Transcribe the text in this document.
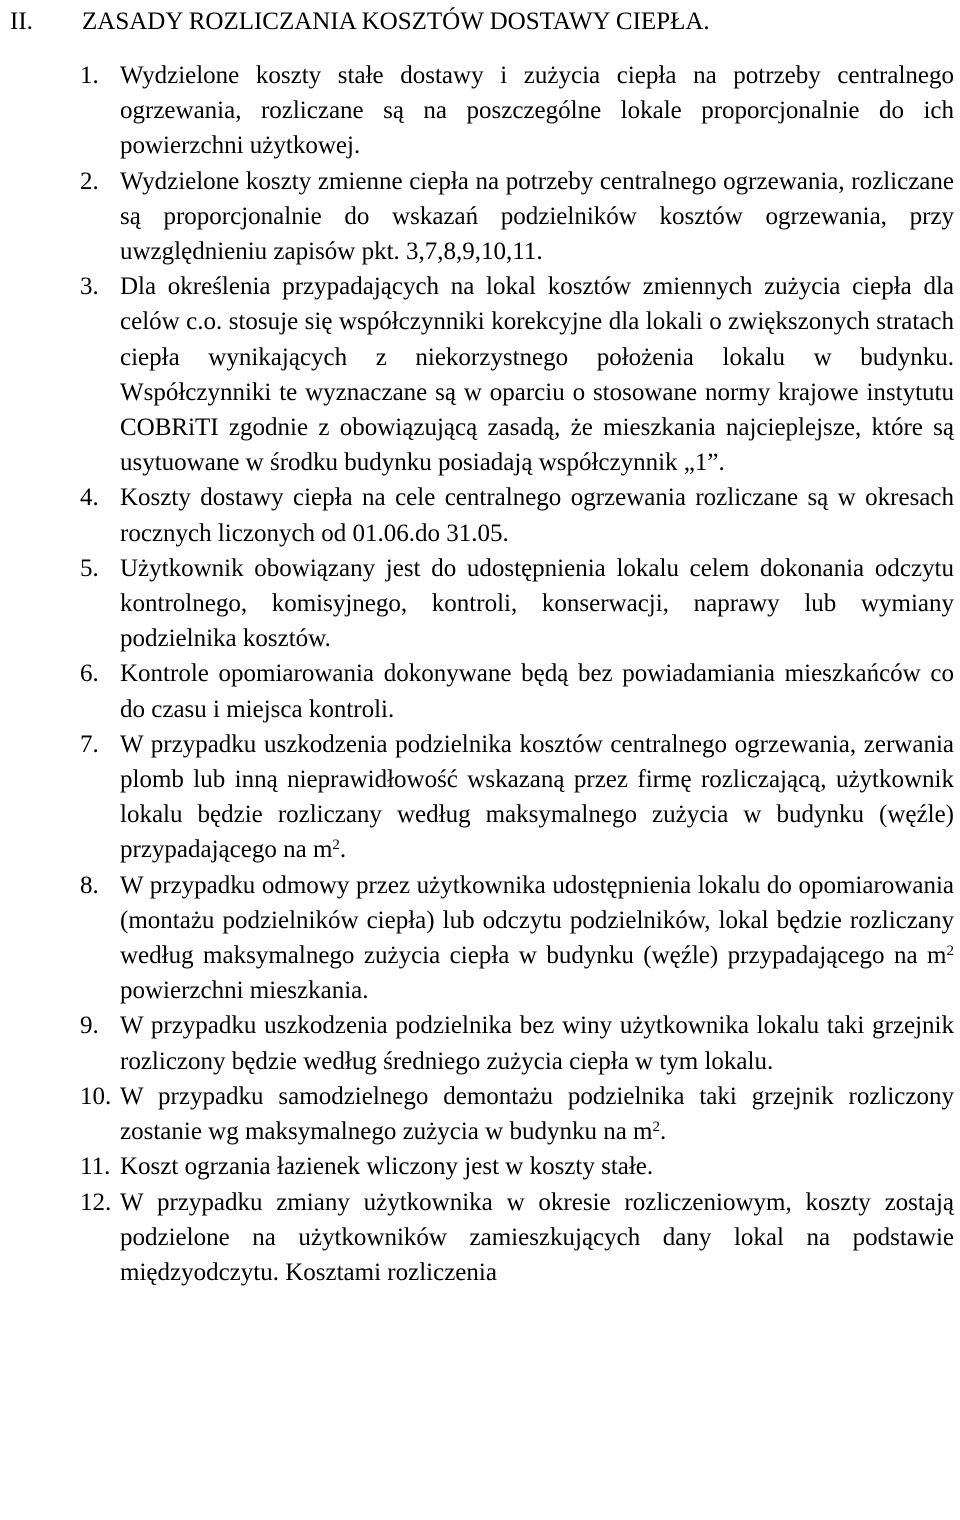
II.	ZASADY ROZLICZANIA KOSZTÓW DOSTAWY CIEPŁA.
1. Wydzielone koszty stałe dostawy i zużycia ciepła na potrzeby centralnego ogrzewania, rozliczane są na poszczególne lokale proporcjonalnie do ich powierzchni użytkowej.
2. Wydzielone koszty zmienne ciepła na potrzeby centralnego ogrzewania, rozliczane są proporcjonalnie do wskazań podzielników kosztów ogrzewania, przy uwzględnieniu zapisów pkt. 3,7,8,9,10,11.
3. Dla określenia przypadających na lokal kosztów zmiennych zużycia ciepła dla celów c.o. stosuje się współczynniki korekcyjne dla lokali o zwiększonych stratach ciepła wynikających z niekorzystnego położenia lokalu w budynku. Współczynniki te wyznaczane są w oparciu o stosowane normy krajowe instytutu COBRiTI zgodnie z obowiązującą zasadą, że mieszkania najcieplejsze, które są usytuowane w środku budynku posiadają współczynnik „1”.
4. Koszty dostawy ciepła na cele centralnego ogrzewania rozliczane są w okresach rocznych liczonych od 01.06.do 31.05.
5. Użytkownik obowiązany jest do udostępnienia lokalu celem dokonania odczytu kontrolnego, komisyjnego, kontroli, konserwacji, naprawy lub wymiany podzielnika kosztów.
6. Kontrole opomiarowania dokonywane będą bez powiadamiania mieszkańców co do czasu i miejsca kontroli.
7. W przypadku uszkodzenia podzielnika kosztów centralnego ogrzewania, zerwania plomb lub inną nieprawidłowość wskazaną przez firmę rozliczającą, użytkownik lokalu będzie rozliczany według maksymalnego zużycia w budynku (węźle) przypadającego na $m^2$.
8. W przypadku odmowy przez użytkownika udostępnienia lokalu do opomiarowania (montażu podzielników ciepła) lub odczytu podzielników, lokal będzie rozliczany według maksymalnego zużycia ciepła w budynku (węźle) przypadającego na $m^2$ powierzchni mieszkania.
9. W przypadku uszkodzenia podzielnika bez winy użytkownika lokalu taki grzejnik rozliczony będzie według średniego zużycia ciepła w tym lokalu.
10. W przypadku samodzielnego demontażu podzielnika taki grzejnik rozliczony zostanie wg maksymalnego zużycia w budynku na $m^2$.
11. Koszt ogrzania łazienek wliczony jest w koszty stałe.
12. W przypadku zmiany użytkownika w okresie rozliczeniowym, koszty zostają podzielone na użytkowników zamieszkujących dany lokal na podstawie międzyodczytu. Kosztami rozliczenia
